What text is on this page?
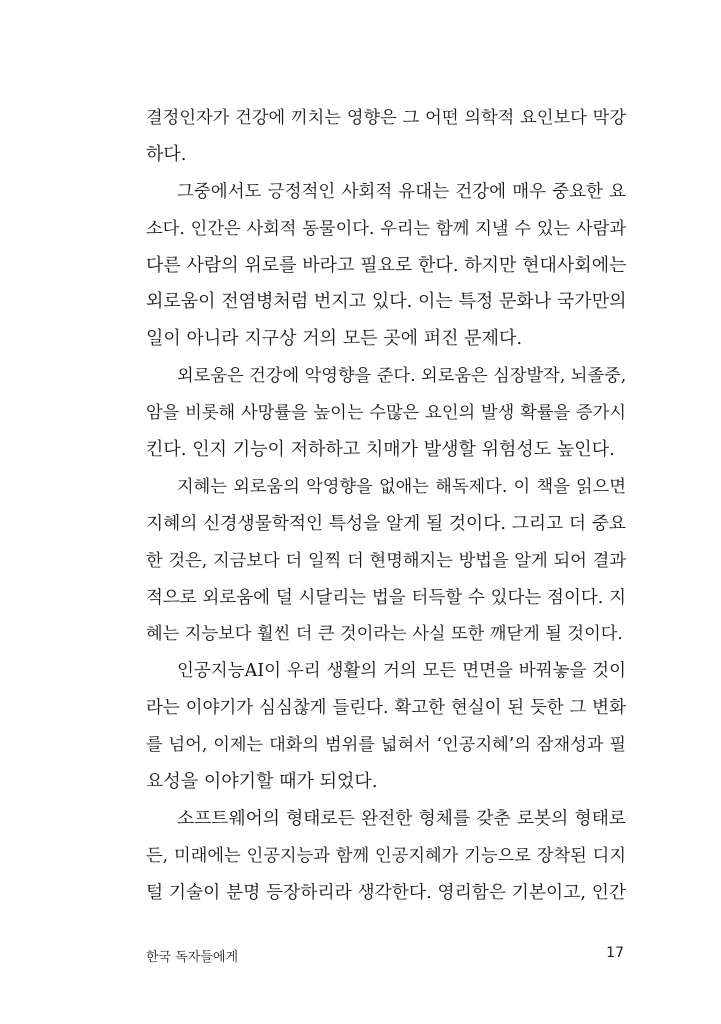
결정인자가 건강에 끼치는 영향은 그 어떤 의학적 요인보다 막강
하다.
그중에서도 긍정적인 사회적 유대는 건강에 매우 중요한 요
소다. 인간은 사회적 동물이다. 우리는 함께 지낼 수 있는 사람과
다른 사람의 위로를 바라고 필요로 한다. 하지만 현대사회에는
외로움이 전염병처럼 번지고 있다. 이는 특정 문화나 국가만의
일이 아니라 지구상 거의 모든 곳에 퍼진 문제다.
외로움은 건강에 악영향을 준다. 외로움은 심장발작, 뇌졸중,
암을 비롯해 사망률을 높이는 수많은 요인의 발생 확률을 증가시
킨다. 인지 기능이 저하하고 치매가 발생할 위험성도 높인다.
지혜는 외로움의 악영향을 없애는 해독제다. 이 책을 읽으면
지혜의 신경생물학적인 특성을 알게 될 것이다. 그리고 더 중요
한 것은, 지금보다 더 일찍 더 현명해지는 방법을 알게 되어 결과
적으로 외로움에 덜 시달리는 법을 터득할 수 있다는 점이다. 지
혜는 지능보다 훨씬 더 큰 것이라는 사실 또한 깨닫게 될 것이다.
인공지능AI이 우리 생활의 거의 모든 면면을 바꿔놓을 것이
라는 이야기가 심심찮게 들린다. 확고한 현실이 된 듯한 그 변화
를 넘어, 이제는 대화의 범위를 넓혀서 ‘인공지혜’의 잠재성과 필
요성을 이야기할 때가 되었다.
소프트웨어의 형태로든 완전한 형체를 갖춘 로봇의 형태로
든, 미래에는 인공지능과 함께 인공지혜가 기능으로 장착된 디지
털 기술이 분명 등장하리라 생각한다. 영리함은 기본이고, 인간
한국 독자들에게	17
